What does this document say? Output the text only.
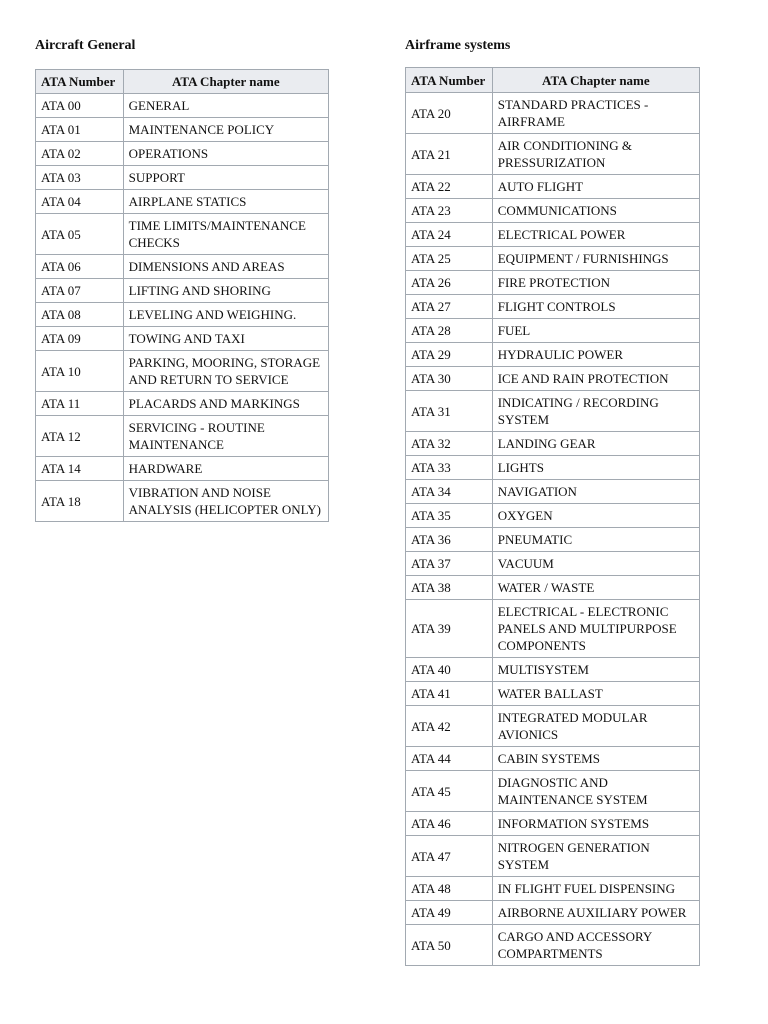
Aircraft General
ATA Number	ATA Chapter name
ATA 00	GENERAL
ATA 01	MAINTENANCE POLICY
ATA 02	OPERATIONS
ATA 03	SUPPORT
ATA 04	AIRPLANE STATICS
ATA 05	TIME LIMITS/MAINTENANCE CHECKS
ATA 06	DIMENSIONS AND AREAS
ATA 07	LIFTING AND SHORING
ATA 08	LEVELING AND WEIGHING.
ATA 09	TOWING AND TAXI
ATA 10	PARKING, MOORING, STORAGE AND RETURN TO SERVICE
ATA 11	PLACARDS AND MARKINGS
ATA 12	SERVICING - ROUTINE MAINTENANCE
ATA 14	HARDWARE
ATA 18	VIBRATION AND NOISE ANALYSIS (HELICOPTER ONLY)
Airframe systems
ATA Number	ATA Chapter name
ATA 20	STANDARD PRACTICES - AIRFRAME
ATA 21	AIR CONDITIONING & PRESSURIZATION
ATA 22	AUTO FLIGHT
ATA 23	COMMUNICATIONS
ATA 24	ELECTRICAL POWER
ATA 25	EQUIPMENT / FURNISHINGS
ATA 26	FIRE PROTECTION
ATA 27	FLIGHT CONTROLS
ATA 28	FUEL
ATA 29	HYDRAULIC POWER
ATA 30	ICE AND RAIN PROTECTION
ATA 31	INDICATING / RECORDING SYSTEM
ATA 32	LANDING GEAR
ATA 33	LIGHTS
ATA 34	NAVIGATION
ATA 35	OXYGEN
ATA 36	PNEUMATIC
ATA 37	VACUUM
ATA 38	WATER / WASTE
ATA 39	ELECTRICAL - ELECTRONIC PANELS AND MULTIPURPOSE COMPONENTS
ATA 40	MULTISYSTEM
ATA 41	WATER BALLAST
ATA 42	INTEGRATED MODULAR AVIONICS
ATA 44	CABIN SYSTEMS
ATA 45	DIAGNOSTIC AND MAINTENANCE SYSTEM
ATA 46	INFORMATION SYSTEMS
ATA 47	NITROGEN GENERATION SYSTEM
ATA 48	IN FLIGHT FUEL DISPENSING
ATA 49	AIRBORNE AUXILIARY POWER
ATA 50	CARGO AND ACCESSORY COMPARTMENTS
